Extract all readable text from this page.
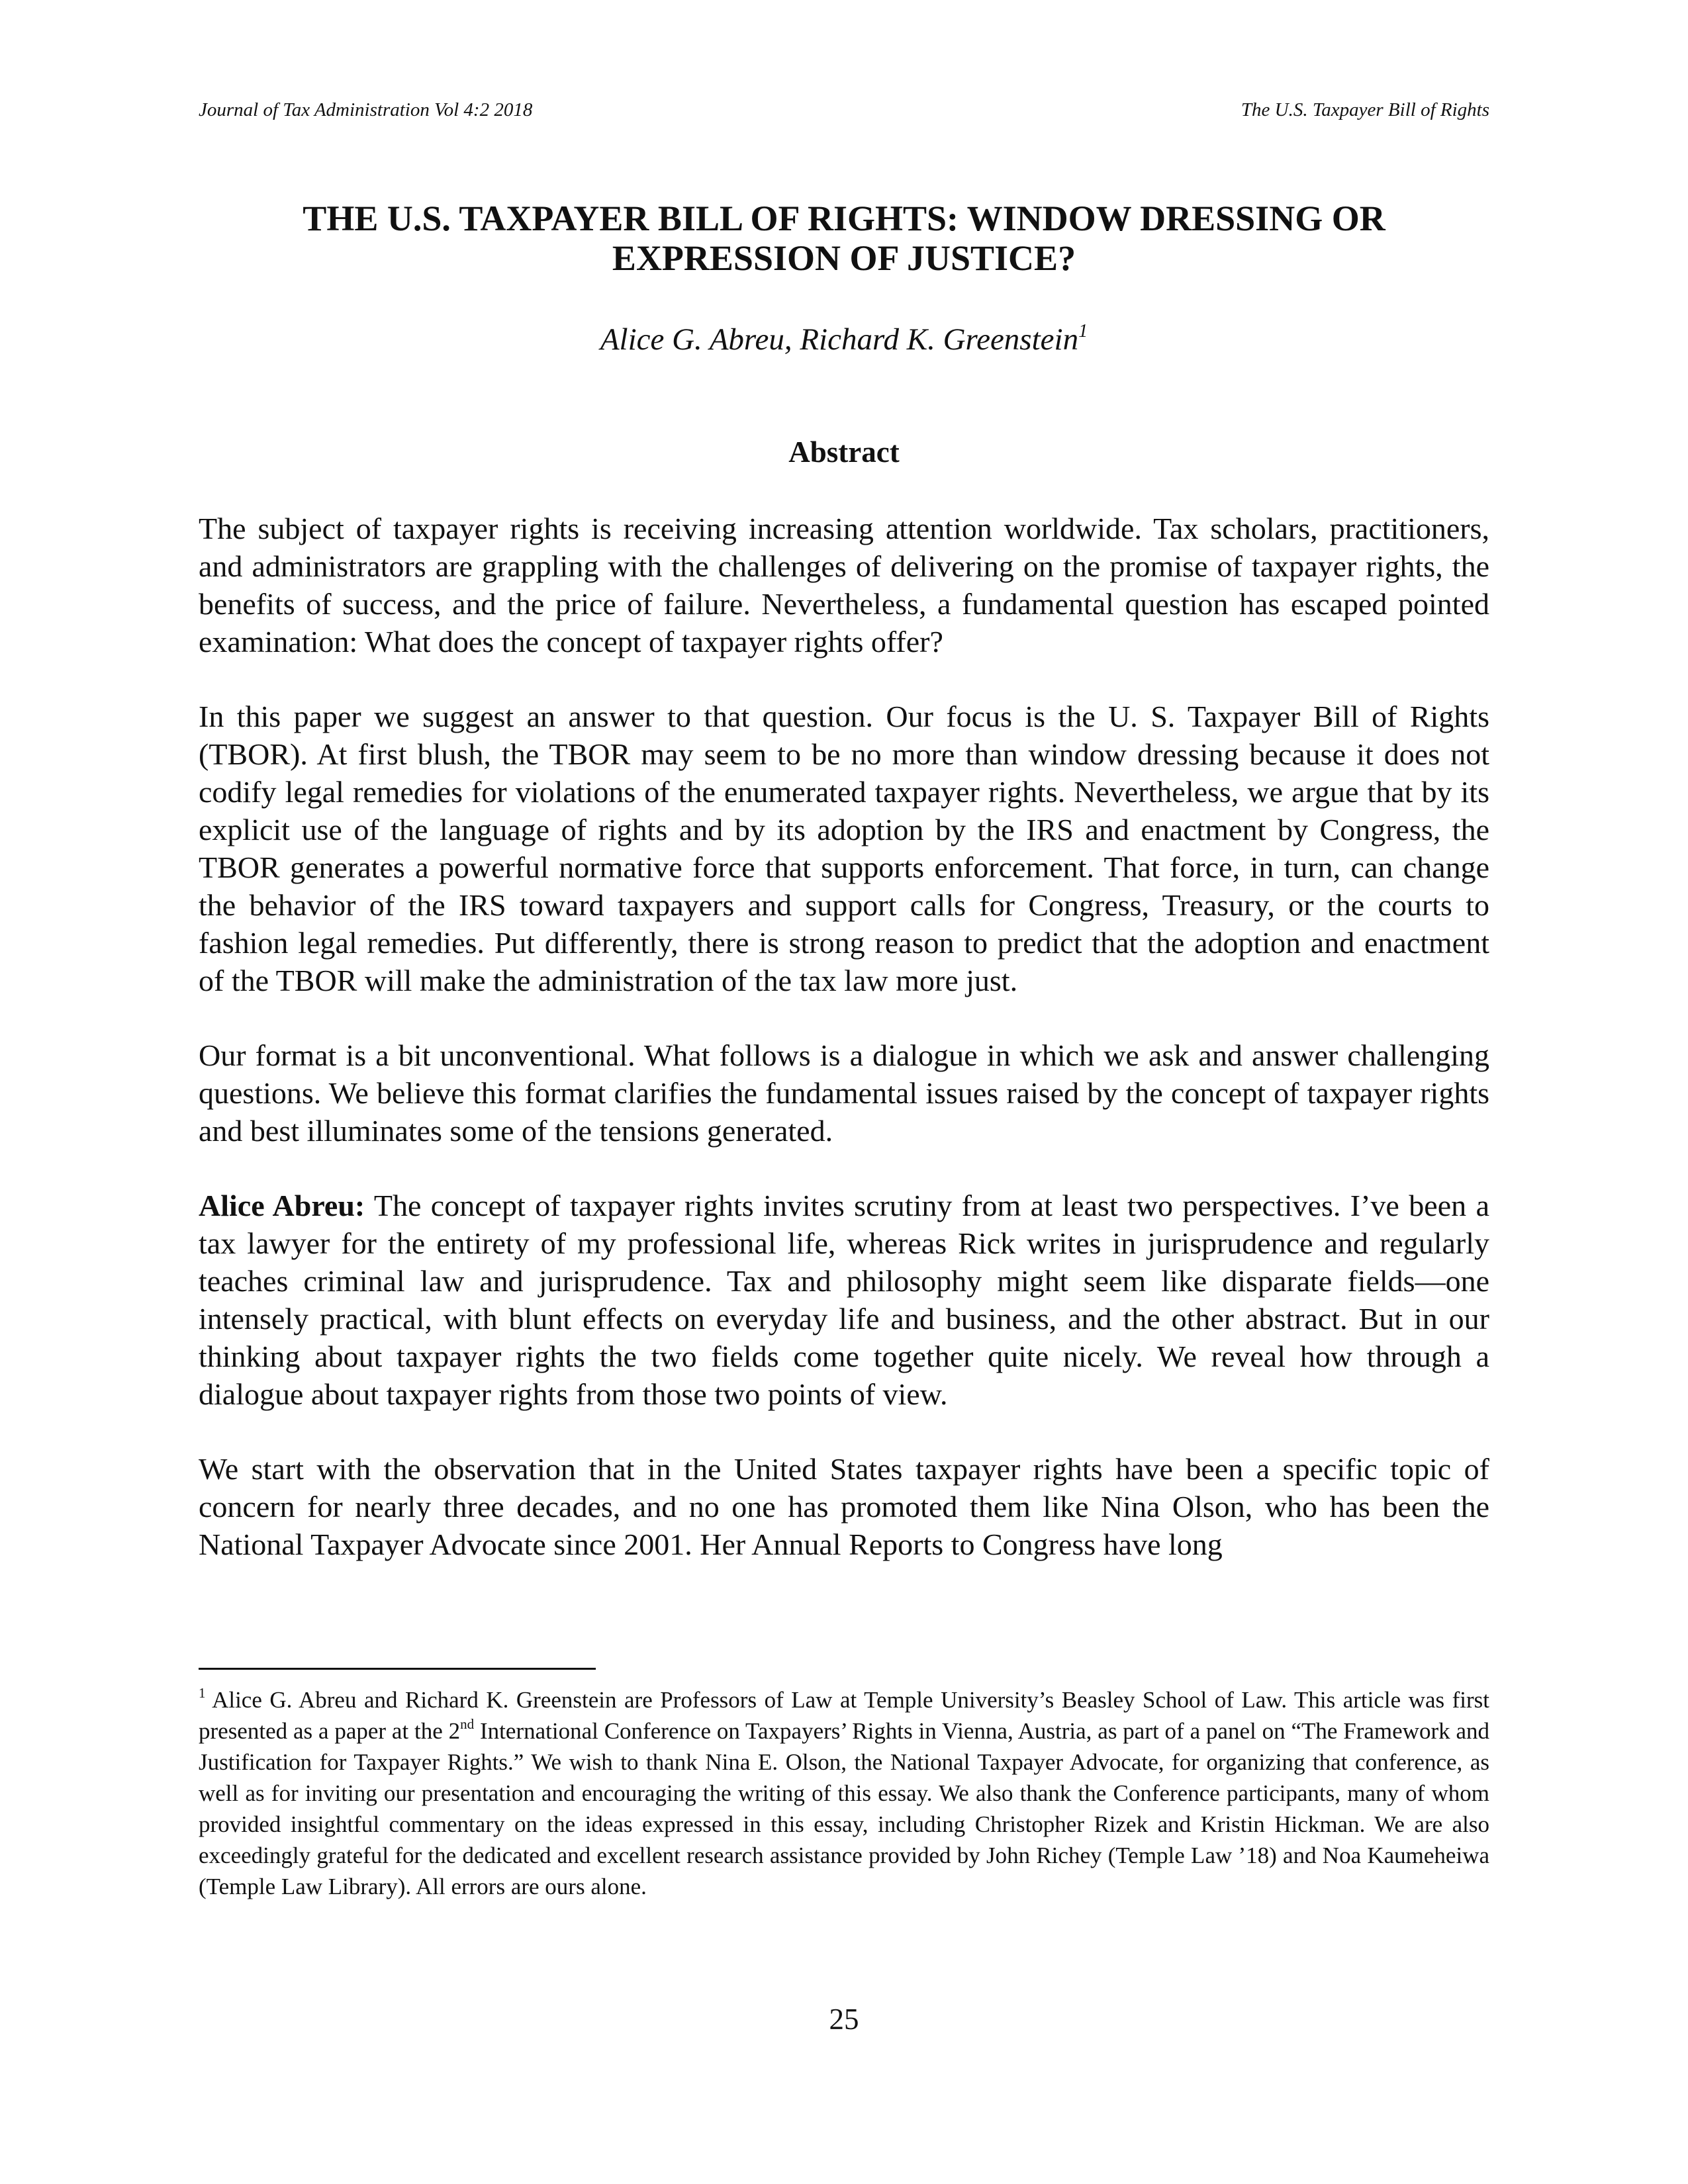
Journal of Tax Administration Vol 4:2 2018	The U.S. Taxpayer Bill of Rights
THE U.S. TAXPAYER BILL OF RIGHTS: WINDOW DRESSING OR
EXPRESSION OF JUSTICE?
Alice G. Abreu, Richard K. Greenstein$^1$
Abstract

The subject of taxpayer rights is receiving increasing attention worldwide. Tax scholars, practitioners, and administrators are grappling with the challenges of delivering on the promise of taxpayer rights, the benefits of success, and the price of failure. Nevertheless, a fundamental question has escaped pointed examination: What does the concept of taxpayer rights offer?

In this paper we suggest an answer to that question. Our focus is the U. S. Taxpayer Bill of Rights (TBOR). At first blush, the TBOR may seem to be no more than window dressing because it does not codify legal remedies for violations of the enumerated taxpayer rights. Nevertheless, we argue that by its explicit use of the language of rights and by its adoption by the IRS and enactment by Congress, the TBOR generates a powerful normative force that supports enforcement. That force, in turn, can change the behavior of the IRS toward taxpayers and support calls for Congress, Treasury, or the courts to fashion legal remedies. Put differently, there is strong reason to predict that the adoption and enactment of the TBOR will make the administration of the tax law more just.

Our format is a bit unconventional. What follows is a dialogue in which we ask and answer challenging questions. We believe this format clarifies the fundamental issues raised by the concept of taxpayer rights and best illuminates some of the tensions generated.

Alice Abreu: The concept of taxpayer rights invites scrutiny from at least two perspectives. I’ve been a tax lawyer for the entirety of my professional life, whereas Rick writes in jurisprudence and regularly teaches criminal law and jurisprudence. Tax and philosophy might seem like disparate fields—one intensely practical, with blunt effects on everyday life and business, and the other abstract. But in our thinking about taxpayer rights the two fields come together quite nicely. We reveal how through a dialogue about taxpayer rights from those two points of view.

We start with the observation that in the United States taxpayer rights have been a specific topic of concern for nearly three decades, and no one has promoted them like Nina Olson, who has been the National Taxpayer Advocate since 2001. Her Annual Reports to Congress have long

$^1$ Alice G. Abreu and Richard K. Greenstein are Professors of Law at Temple University’s Beasley School of Law. This article was first presented as a paper at the 2nd International Conference on Taxpayers’ Rights in Vienna, Austria, as part of a panel on “The Framework and Justification for Taxpayer Rights.” We wish to thank Nina E. Olson, the National Taxpayer Advocate, for organizing that conference, as well as for inviting our presentation and encouraging the writing of this essay. We also thank the Conference participants, many of whom provided insightful commentary on the ideas expressed in this essay, including Christopher Rizek and Kristin Hickman. We are also exceedingly grateful for the dedicated and excellent research assistance provided by John Richey (Temple Law ’18) and Noa Kaumeheiwa (Temple Law Library). All errors are ours alone.

25
